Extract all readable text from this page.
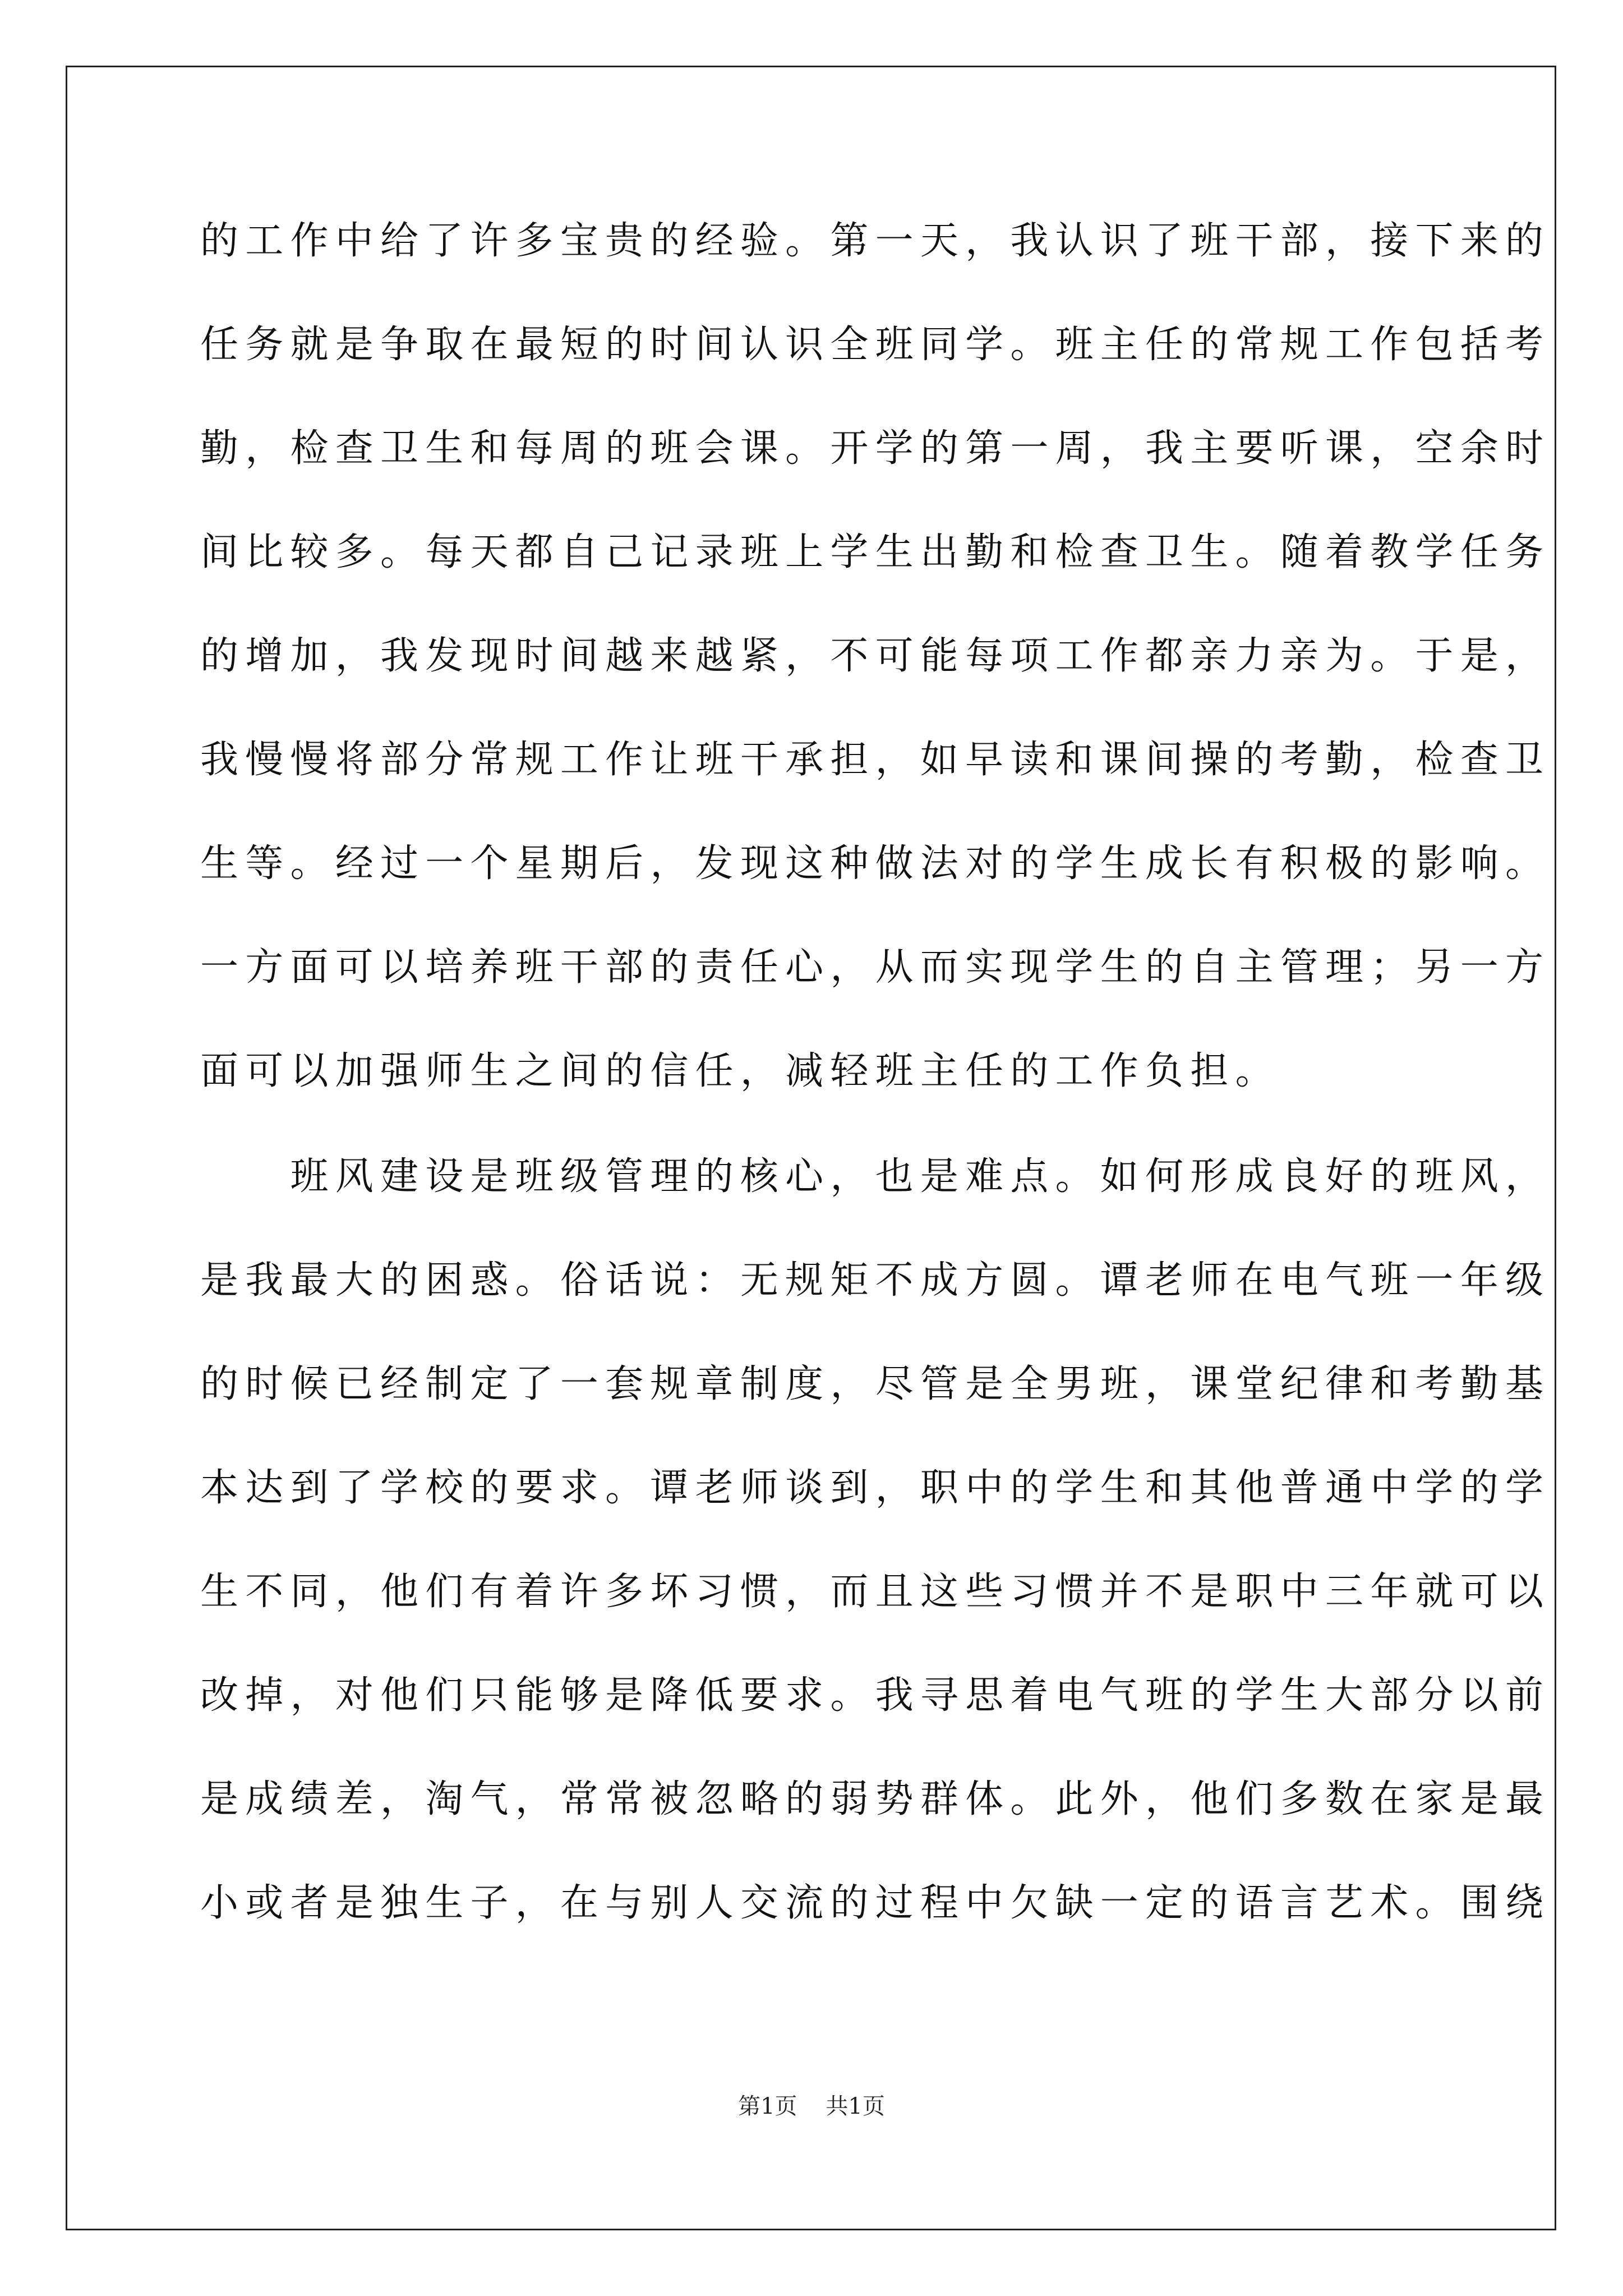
的工作中给了许多宝贵的经验。第一天，我认识了班干部，接下来的
任务就是争取在最短的时间认识全班同学。班主任的常规工作包括考
勤，检查卫生和每周的班会课。开学的第一周，我主要听课，空余时
间比较多。每天都自己记录班上学生出勤和检查卫生。随着教学任务
的增加，我发现时间越来越紧，不可能每项工作都亲力亲为。于是，
我慢慢将部分常规工作让班干承担，如早读和课间操的考勤，检查卫
生等。经过一个星期后，发现这种做法对的学生成长有积极的影响。
一方面可以培养班干部的责任心，从而实现学生的自主管理；另一方
面可以加强师生之间的信任，减轻班主任的工作负担。
　　班风建设是班级管理的核心，也是难点。如何形成良好的班风，
是我最大的困惑。俗话说：无规矩不成方圆。谭老师在电气班一年级
的时候已经制定了一套规章制度，尽管是全男班，课堂纪律和考勤基
本达到了学校的要求。谭老师谈到，职中的学生和其他普通中学的学
生不同，他们有着许多坏习惯，而且这些习惯并不是职中三年就可以
改掉，对他们只能够是降低要求。我寻思着电气班的学生大部分以前
是成绩差，淘气，常常被忽略的弱势群体。此外，他们多数在家是最
小或者是独生子，在与别人交流的过程中欠缺一定的语言艺术。围绕
第1页    共1页
